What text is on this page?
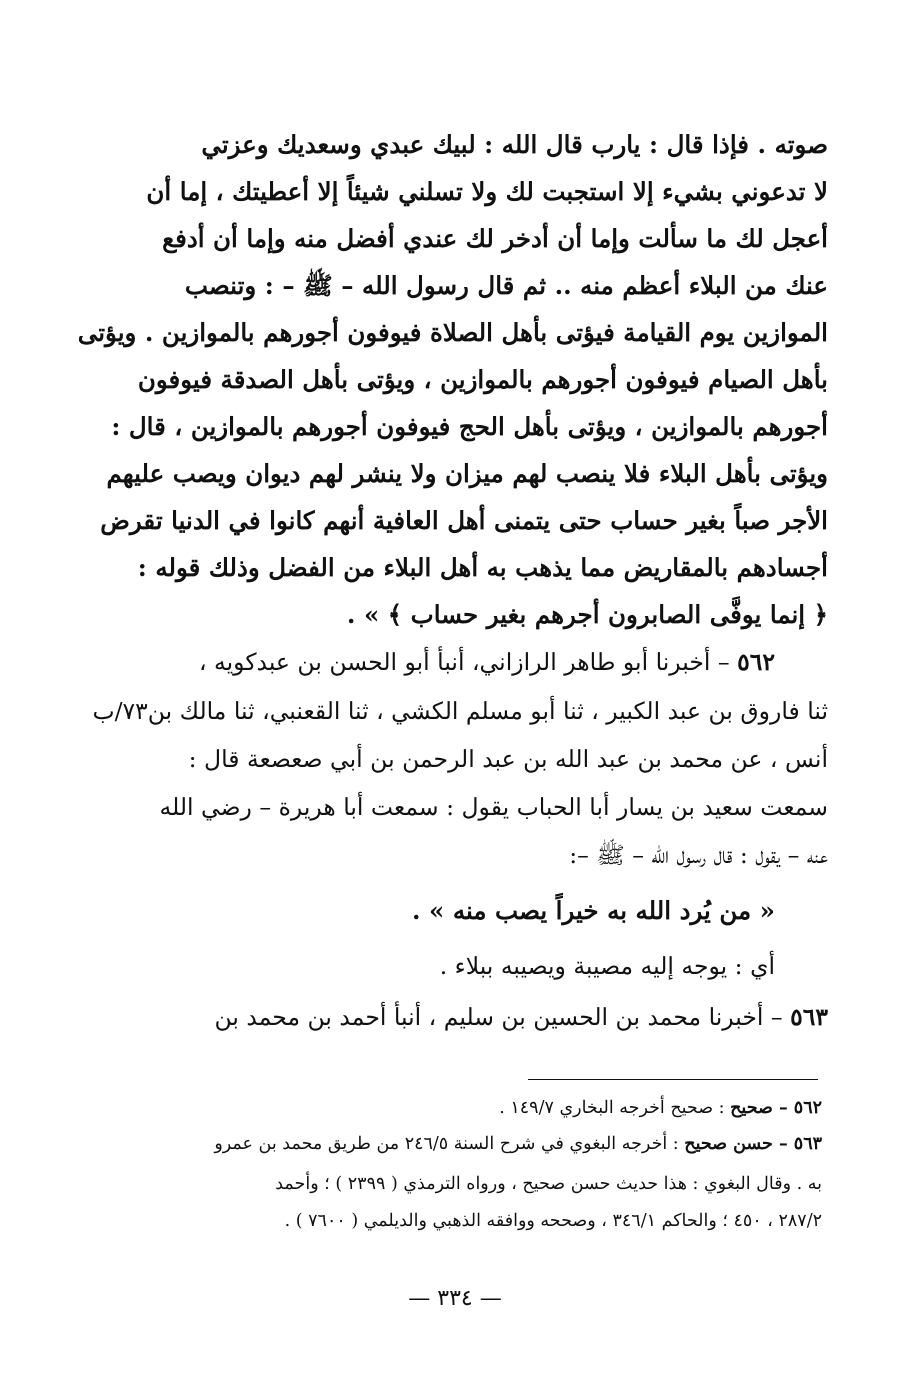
صوته . فإذا قال : يارب قال الله : لبيك عبدي وسعديك وعزتي
لا تدعوني بشيء إلا استجبت لك ولا تسلني شيئاً إلا أعطيتك ، إما أن
أعجل لك ما سألت وإما أن أدخر لك عندي أفضل منه وإما أن أدفع
عنك من البلاء أعظم منه .. ثم قال رسول الله – ﷺ – : وتنصب
الموازين يوم القيامة فيؤتى بأهل الصلاة فيوفون أجورهم بالموازين . ويؤتى
بأهل الصيام فيوفون أجورهم بالموازين ، ويؤتى بأهل الصدقة فيوفون
أجورهم بالموازين ، ويؤتى بأهل الحج فيوفون أجورهم بالموازين ، قال :
ويؤتى بأهل البلاء فلا ينصب لهم ميزان ولا ينشر لهم ديوان ويصب عليهم
الأجر صباً بغير حساب حتى يتمنى أهل العافية أنهم كانوا في الدنيا تقرض
أجسادهم بالمقاريض مما يذهب به أهل البلاء من الفضل وذلك قوله :
﴿ إنما يوفَّى الصابرون أجرهم بغير حساب ﴾ » .
٥٦٢ – أخبرنا أبو طاهر الرازاني، أنبأ أبو الحسن بن عبدكويه ،
ثنا فاروق بن عبد الكبير ، ثنا أبو مسلم الكشي ، ثنا القعنبي، ثنا مالك بن٧٣/ب
أنس ، عن محمد بن عبد الله بن عبد الرحمن بن أبي صعصعة قال :
سمعت سعيد بن يسار أبا الحباب يقول : سمعت أبا هريرة – رضي الله
عنه – يقول : قال رسول الله – ﷺ –:
« من يُرد الله به خيراً يصب منه » .
أي : يوجه إليه مصيبة ويصيبه ببلاء .
٥٦٣ – أخبرنا محمد بن الحسين بن سليم ، أنبأ أحمد بن محمد بن
٥٦٢ – صحيح : صحيح أخرجه البخاري ١٤٩/٧ .
٥٦٣ – حسن صحيح : أخرجه البغوي في شرح السنة ٢٤٦/٥ من طريق محمد بن عمرو
به . وقال البغوي : هذا حديث حسن صحيح ، ورواه الترمذي ( ٢٣٩٩ ) ؛ وأحمد
٢٨٧/٢ ، ٤٥٠ ؛ والحاكم ٣٤٦/١ ، وصححه ووافقه الذهبي والديلمي ( ٧٦٠٠ ) .
— ٣٣٤ —
